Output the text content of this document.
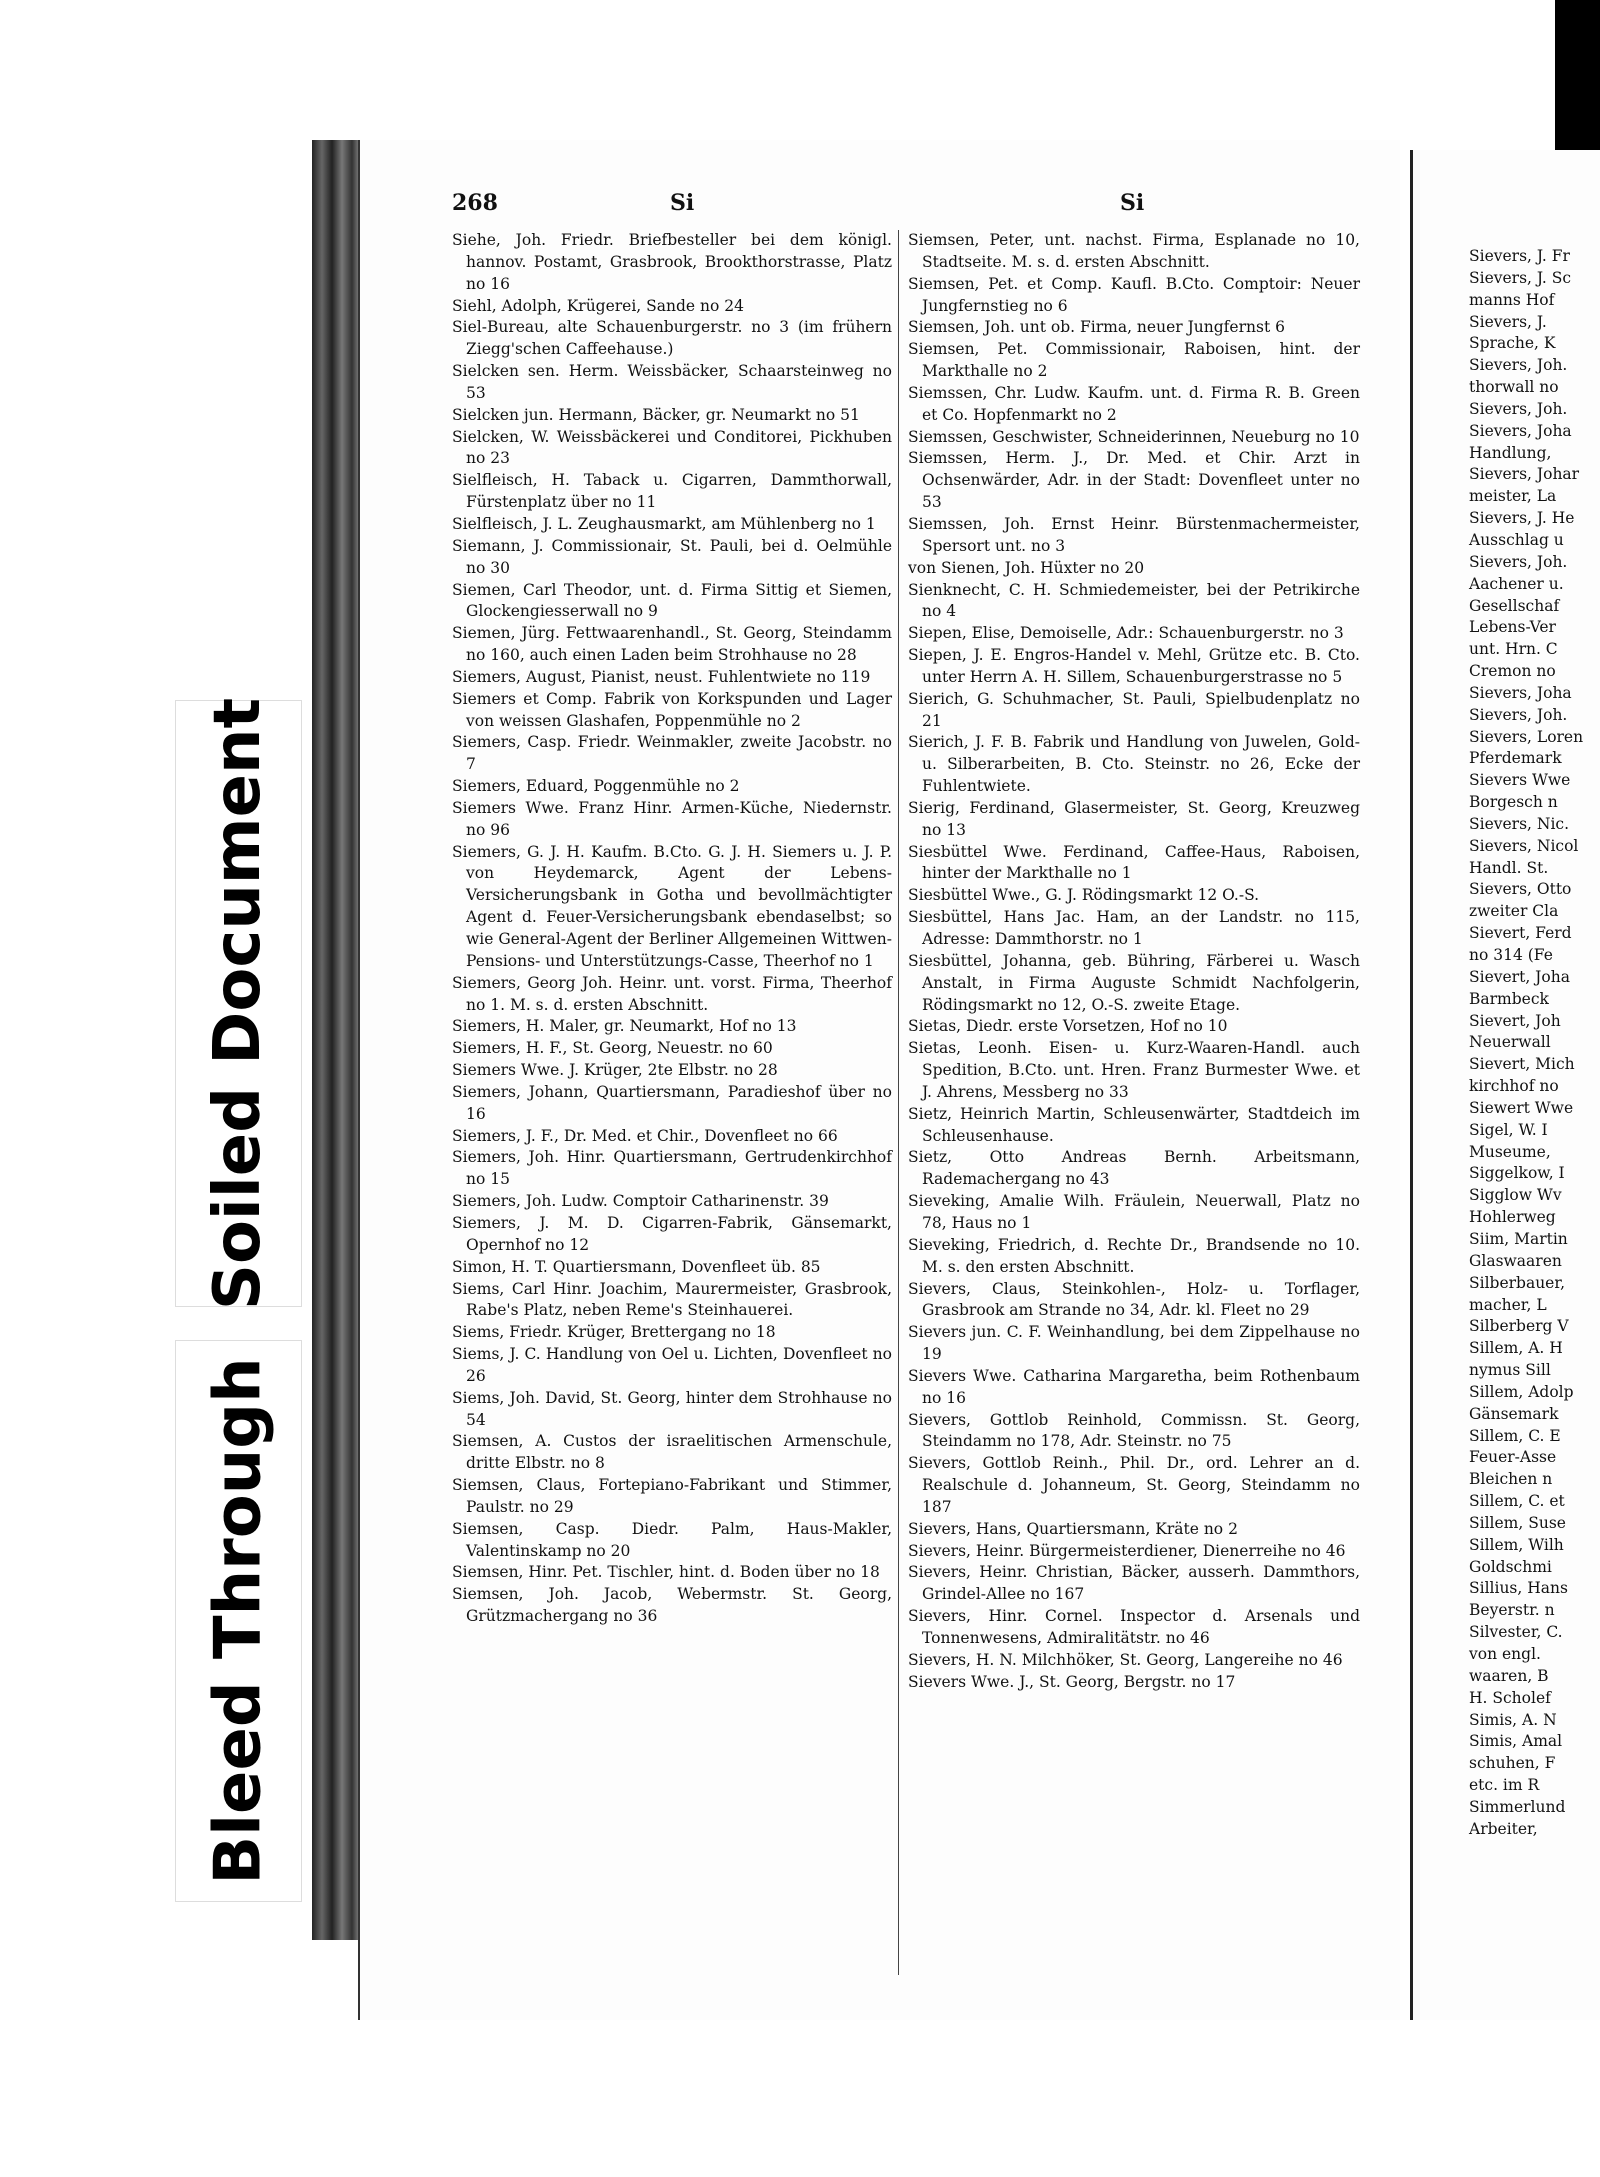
268	Si	Si
Siehe, Joh. Friedr. Briefbesteller bei dem königl. hannov. Postamt, Grasbrook, Brookthorstrasse, Platz no 16
Siehl, Adolph, Krügerei, Sande no 24
Siel-Bureau, alte Schauenburgerstr. no 3 (im frühern Ziegg'schen Caffeehause.)
Sielcken sen. Herm. Weissbäcker, Schaarsteinweg no 53
Sielcken jun. Hermann, Bäcker, gr. Neumarkt no 51
Sielcken, W. Weissbäckerei und Conditorei, Pickhuben no 23
Sielfleisch, H. Taback u. Cigarren, Dammthorwall, Fürstenplatz über no 11
Sielfleisch, J. L. Zeughausmarkt, am Mühlenberg no 1
Siemann, J. Commissionair, St. Pauli, bei d. Oelmühle no 30
Siemen, Carl Theodor, unt. d. Firma Sittig et Siemen, Glockengiesserwall no 9
Siemen, Jürg. Fettwaarenhandl., St. Georg, Steindamm no 160, auch einen Laden beim Strohhause no 28
Siemers, August, Pianist, neust. Fuhlentwiete no 119
Siemers et Comp. Fabrik von Korkspunden und Lager von weissen Glashafen, Poppenmühle no 2
Siemers, Casp. Friedr. Weinmakler, zweite Jacobstr. no 7
Siemers, Eduard, Poggenmühle no 2
Siemers Wwe. Franz Hinr. Armen-Küche, Niedernstr. no 96
Siemers, G. J. H. Kaufm. B.Cto. G. J. H. Siemers u. J. P. von Heydemarck, Agent der Lebens-Versicherungsbank in Gotha und bevollmächtigter Agent d. Feuer-Versicherungsbank ebendaselbst; so wie General-Agent der Berliner Allgemeinen Wittwen-Pensions- und Unterstützungs-Casse, Theerhof no 1
Siemers, Georg Joh. Heinr. unt. vorst. Firma, Theerhof no 1. M. s. d. ersten Abschnitt.
Siemers, H. Maler, gr. Neumarkt, Hof no 13
Siemers, H. F., St. Georg, Neuestr. no 60
Siemers Wwe. J. Krüger, 2te Elbstr. no 28
Siemers, Johann, Quartiersmann, Paradieshof über no 16
Siemers, J. F., Dr. Med. et Chir., Dovenfleet no 66
Siemers, Joh. Hinr. Quartiersmann, Gertrudenkirchhof no 15
Siemers, Joh. Ludw. Comptoir Catharinenstr. 39
Siemers, J. M. D. Cigarren-Fabrik, Gänsemarkt, Opernhof no 12
Simon, H. T. Quartiersmann, Dovenfleet üb. 85
Siems, Carl Hinr. Joachim, Maurermeister, Grasbrook, Rabe's Platz, neben Reme's Steinhauerei.
Siems, Friedr. Krüger, Brettergang no 18
Siems, J. C. Handlung von Oel u. Lichten, Dovenfleet no 26
Siems, Joh. David, St. Georg, hinter dem Strohhause no 54
Siemsen, A. Custos der israelitischen Armenschule, dritte Elbstr. no 8
Siemsen, Claus, Fortepiano-Fabrikant und Stimmer, Paulstr. no 29
Siemsen, Casp. Diedr. Palm, Haus-Makler, Valentinskamp no 20
Siemsen, Hinr. Pet. Tischler, hint. d. Boden über no 18
Siemsen, Joh. Jacob, Webermstr. St. Georg, Grützmachergang no 36
Siemsen, Peter, unt. nachst. Firma, Esplanade no 10, Stadtseite. M. s. d. ersten Abschnitt.
Siemsen, Pet. et Comp. Kaufl. B.Cto. Comptoir: Neuer Jungfernstieg no 6
Siemsen, Joh. unt ob. Firma, neuer Jungfernst 6
Siemsen, Pet. Commissionair, Raboisen, hint. der Markthalle no 2
Siemssen, Chr. Ludw. Kaufm. unt. d. Firma R. B. Green et Co. Hopfenmarkt no 2
Siemssen, Geschwister, Schneiderinnen, Neueburg no 10
Siemssen, Herm. J., Dr. Med. et Chir. Arzt in Ochsenwärder, Adr. in der Stadt: Dovenfleet unter no 53
Siemssen, Joh. Ernst Heinr. Bürstenmachermeister, Spersort unt. no 3
von Sienen, Joh. Hüxter no 20
Sienknecht, C. H. Schmiedemeister, bei der Petrikirche no 4
Siepen, Elise, Demoiselle, Adr.: Schauenburgerstr. no 3
Siepen, J. E. Engros-Handel v. Mehl, Grütze etc. B. Cto. unter Herrn A. H. Sillem, Schauenburgerstrasse no 5
Sierich, G. Schuhmacher, St. Pauli, Spielbudenplatz no 21
Sierich, J. F. B. Fabrik und Handlung von Juwelen, Gold- u. Silberarbeiten, B. Cto. Steinstr. no 26, Ecke der Fuhlentwiete.
Sierig, Ferdinand, Glasermeister, St. Georg, Kreuzweg no 13
Siesbüttel Wwe. Ferdinand, Caffee-Haus, Raboisen, hinter der Markthalle no 1
Siesbüttel Wwe., G. J. Rödingsmarkt 12 O.-S.
Siesbüttel, Hans Jac. Ham, an der Landstr. no 115, Adresse: Dammthorstr. no 1
Siesbüttel, Johanna, geb. Bühring, Färberei u. Wasch Anstalt, in Firma Auguste Schmidt Nachfolgerin, Rödingsmarkt no 12, O.-S. zweite Etage.
Sietas, Diedr. erste Vorsetzen, Hof no 10
Sietas, Leonh. Eisen- u. Kurz-Waaren-Handl. auch Spedition, B.Cto. unt. Hren. Franz Burmester Wwe. et J. Ahrens, Messberg no 33
Sietz, Heinrich Martin, Schleusenwärter, Stadtdeich im Schleusenhause.
Sietz, Otto Andreas Bernh. Arbeitsmann, Rademachergang no 43
Sieveking, Amalie Wilh. Fräulein, Neuerwall, Platz no 78, Haus no 1
Sieveking, Friedrich, d. Rechte Dr., Brandsende no 10. M. s. den ersten Abschnitt.
Sievers, Claus, Steinkohlen-, Holz- u. Torflager, Grasbrook am Strande no 34, Adr. kl. Fleet no 29
Sievers jun. C. F. Weinhandlung, bei dem Zippelhause no 19
Sievers Wwe. Catharina Margaretha, beim Rothenbaum no 16
Sievers, Gottlob Reinhold, Commissn. St. Georg, Steindamm no 178, Adr. Steinstr. no 75
Sievers, Gottlob Reinh., Phil. Dr., ord. Lehrer an d. Realschule d. Johanneum, St. Georg, Steindamm no 187
Sievers, Hans, Quartiersmann, Kräte no 2
Sievers, Heinr. Bürgermeisterdiener, Dienerreihe no 46
Sievers, Heinr. Christian, Bäcker, ausserh. Dammthors, Grindel-Allee no 167
Sievers, Hinr. Cornel. Inspector d. Arsenals und Tonnenwesens, Admiralitätstr. no 46
Sievers, H. N. Milchhöker, St. Georg, Langereihe no 46
Sievers Wwe. J., St. Georg, Bergstr. no 17
Sievers, J. Fr
Sievers, J. Sc
manns Hof
Sievers, J.
Sprache, K
Sievers, Joh.
thorwall no
Sievers, Joh.
Sievers, Joha
Handlung,
Sievers, Johar
meister, La
Sievers, J. He
Ausschlag u
Sievers, Joh.
Aachener u.
Gesellschaf
Lebens-Ver
unt. Hrn. C
Cremon no
Sievers, Joha
Sievers, Joh.
Sievers, Loren
Pferdemark
Sievers Wwe
Borgesch n
Sievers, Nic.
Sievers, Nicol
Handl. St.
Sievers, Otto
zweiter Cla
Sievert, Ferd
no 314 (Fe
Sievert, Joha
Barmbeck
Sievert, Joh
Neuerwall
Sievert, Mich
kirchhof no
Siewert Wwe
Sigel, W. I
Museume,
Siggelkow, I
Sigglow Wv
Hohlerweg
Siim, Martin
Glaswaaren
Silberbauer,
macher, L
Silberberg V
Sillem, A. H
nymus Sill
Sillem, Adolp
Gänsemark
Sillem, C. E
Feuer-Asse
Bleichen n
Sillem, C. et
Sillem, Suse
Sillem, Wilh
Goldschmi
Sillius, Hans
Beyerstr. n
Silvester, C.
von engl.
waaren, B
H. Scholef
Simis, A. N
Simis, Amal
schuhen, F
etc. im R
Simmerlund
Arbeiter,
Soiled Document
Bleed Through
